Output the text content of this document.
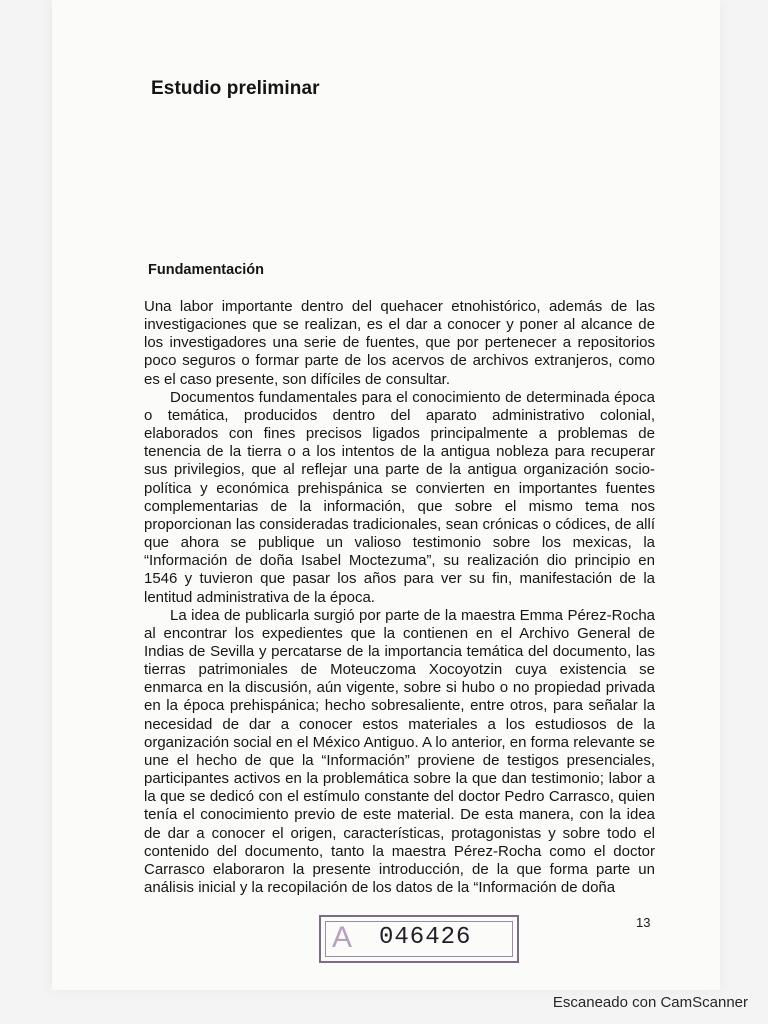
Estudio preliminar
Fundamentación

Una labor importante dentro del quehacer etnohistórico, además de las investigaciones que se realizan, es el dar a conocer y poner al alcance de los investigadores una serie de fuentes, que por pertenecer a repositorios poco seguros o formar parte de los acervos de archivos extranjeros, como es el caso presente, son difíciles de consultar.

Documentos fundamentales para el conocimiento de determinada época o temática, producidos dentro del aparato administrativo colonial, elaborados con fines precisos ligados principalmente a problemas de tenencia de la tierra o a los intentos de la antigua nobleza para recuperar sus privilegios, que al reflejar una parte de la antigua organización socio-política y económica prehispánica se convierten en importantes fuentes complementarias de la información, que sobre el mismo tema nos proporcionan las consideradas tradicionales, sean crónicas o códices, de allí que ahora se publique un valioso testimonio sobre los mexicas, la “Información de doña Isabel Moctezuma”, su realización dio principio en 1546 y tuvieron que pasar los años para ver su fin, manifestación de la lentitud administrativa de la época.

La idea de publicarla surgió por parte de la maestra Emma Pérez-Rocha al encontrar los expedientes que la contienen en el Archivo General de Indias de Sevilla y percatarse de la importancia temática del documento, las tierras patrimoniales de Moteuczoma Xocoyotzin cuya existencia se enmarca en la discusión, aún vigente, sobre si hubo o no propiedad privada en la época prehispánica; hecho sobresaliente, entre otros, para señalar la necesidad de dar a conocer estos materiales a los estudiosos de la organización social en el México Antiguo. A lo anterior, en forma relevante se une el hecho de que la “Información” proviene de testigos presenciales, participantes activos en la problemática sobre la que dan testimonio; labor a la que se dedicó con el estímulo constante del doctor Pedro Carrasco, quien tenía el conocimiento previo de este material. De esta manera, con la idea de dar a conocer el origen, características, protagonistas y sobre todo el contenido del documento, tanto la maestra Pérez-Rocha como el doctor Carrasco elaboraron la presente introducción, de la que forma parte un análisis inicial y la recopilación de los datos de la “Información de doña

A 046426
13
Escaneado con CamScanner
